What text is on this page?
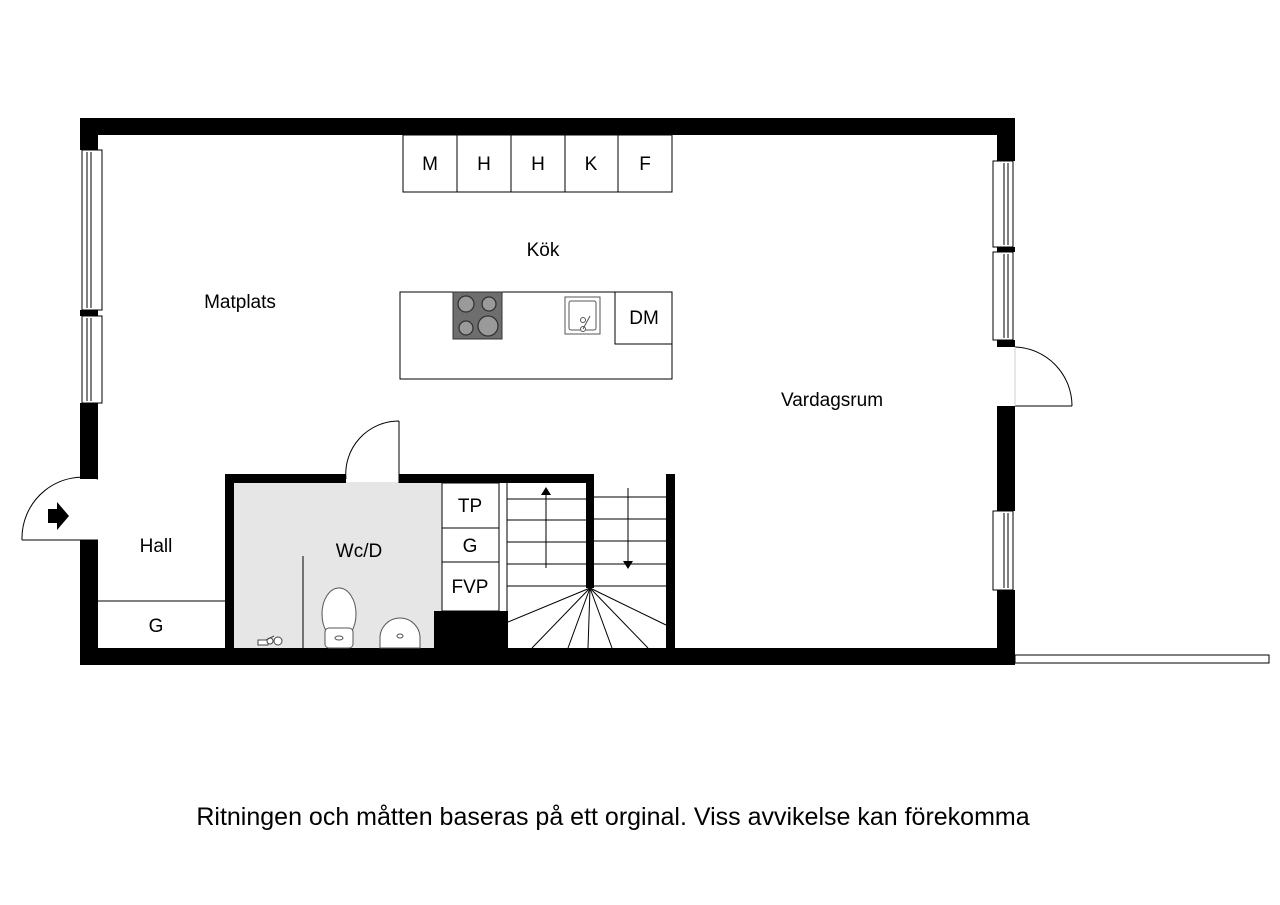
M H H K F
DM
TP
G
FVP
G
Kök
Matplats
Vardagsrum
Hall	Wc/D
Ritningen och måtten baseras på ett orginal. Viss avvikelse kan förekomma
